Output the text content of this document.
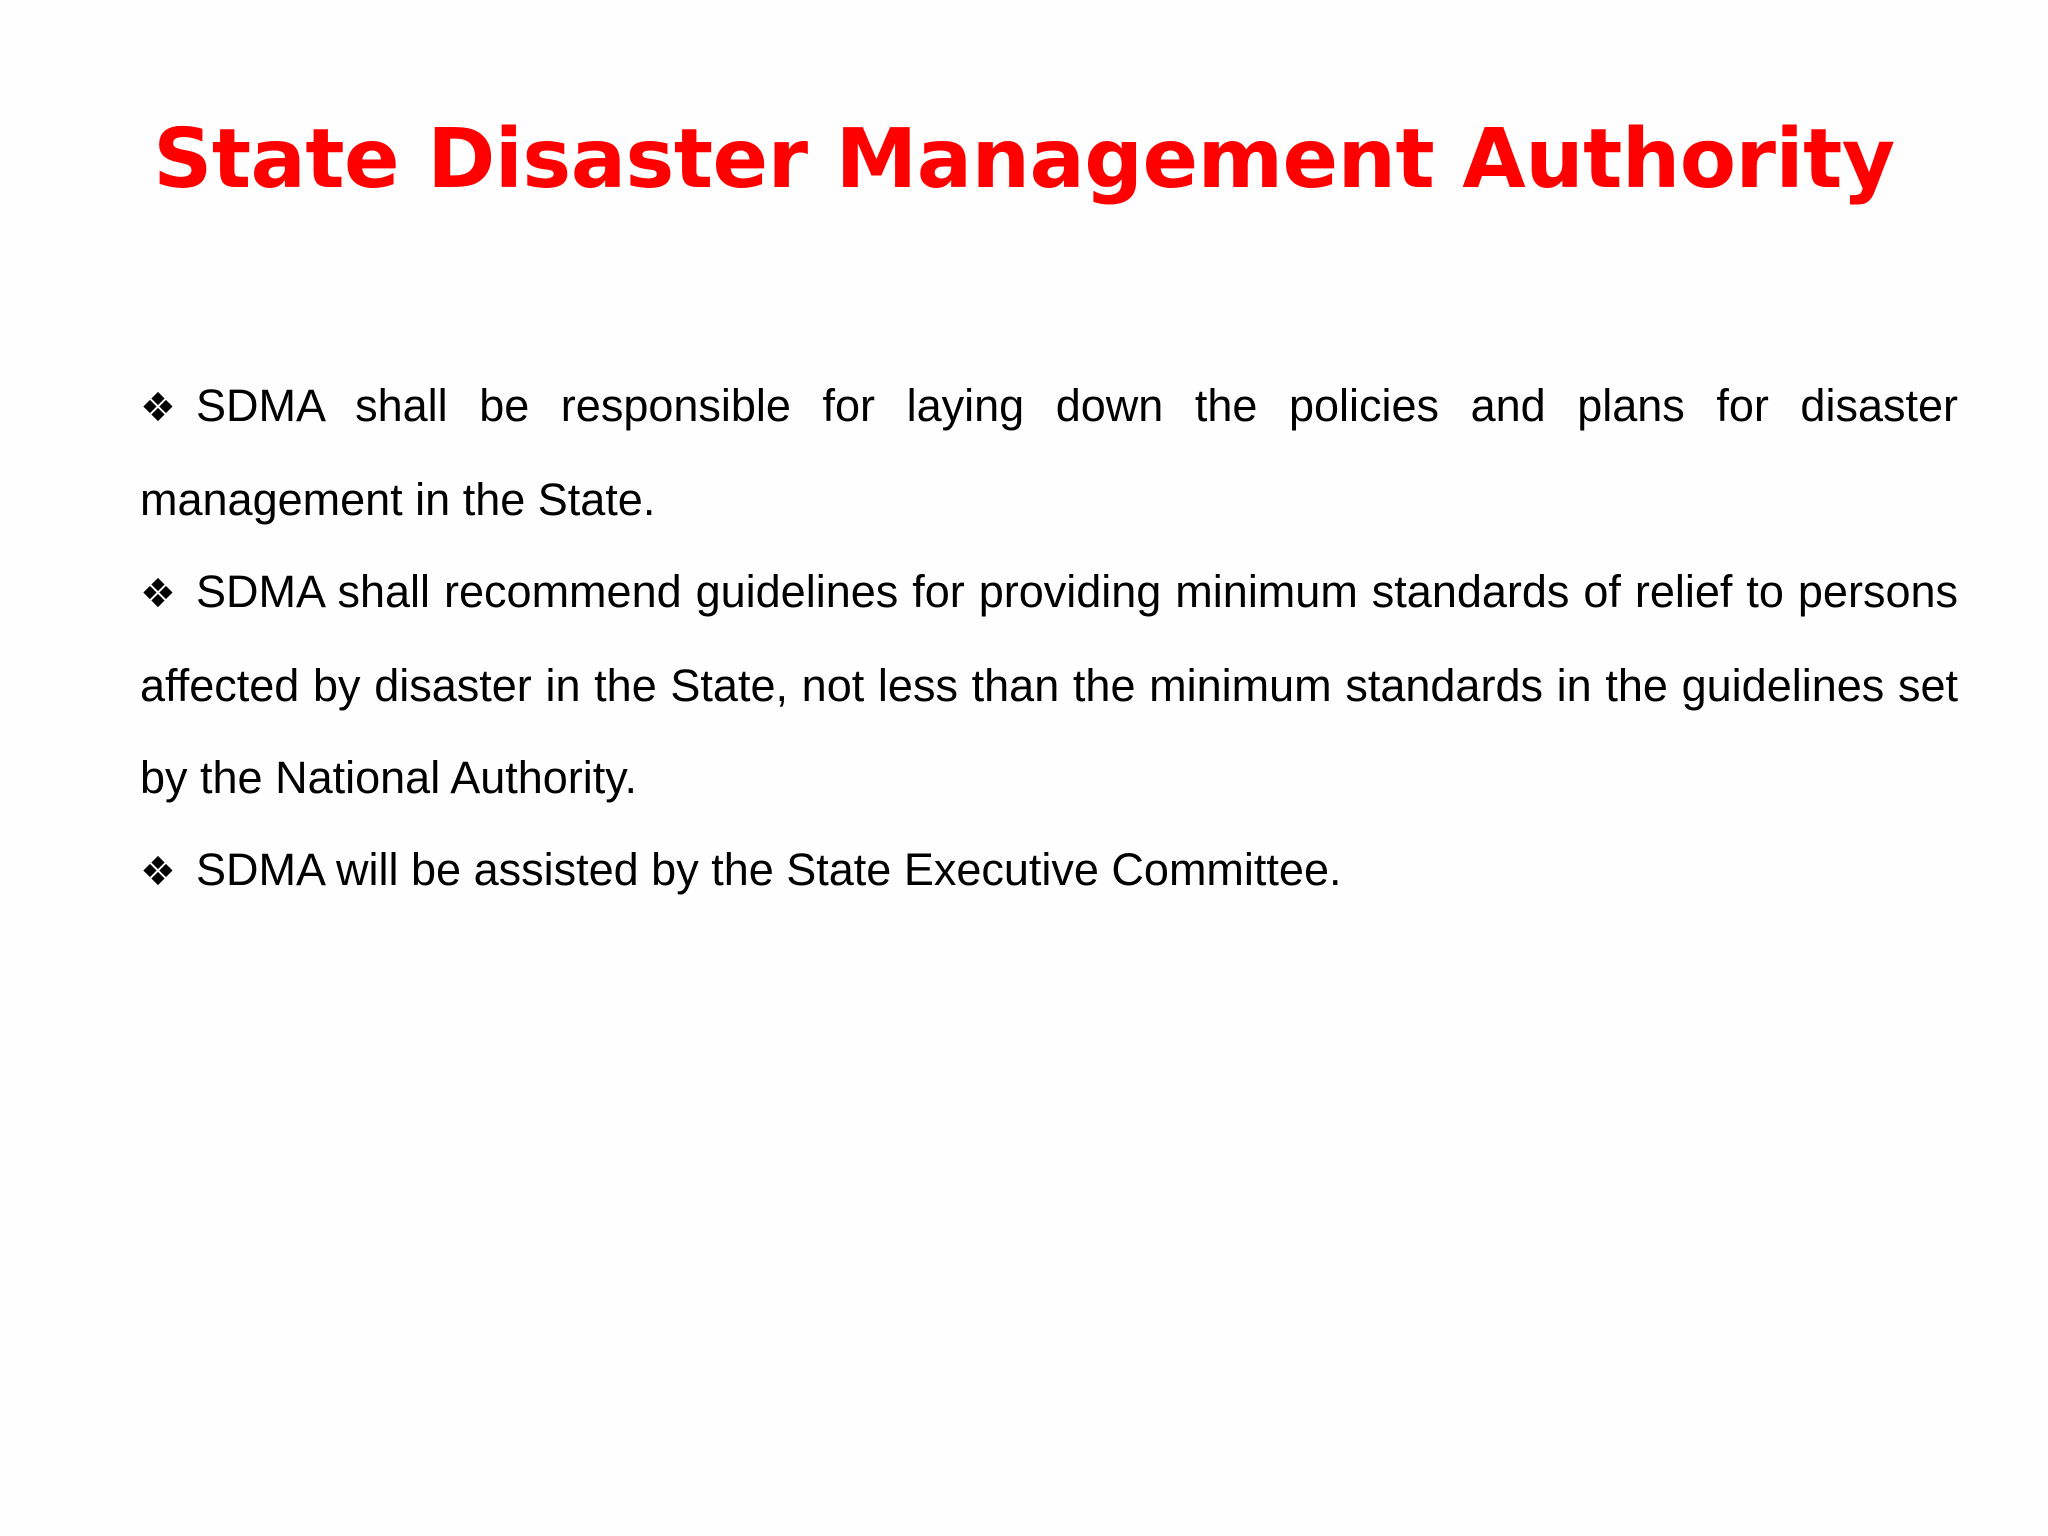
State Disaster Management Authority
❖ SDMA shall be responsible for laying down the policies and plans for disaster management in the State.
❖ SDMA shall recommend guidelines for providing minimum standards of relief to persons affected by disaster in the State, not less than the minimum standards in the guidelines set by the National Authority.
❖ SDMA will be assisted by the State Executive Committee.
